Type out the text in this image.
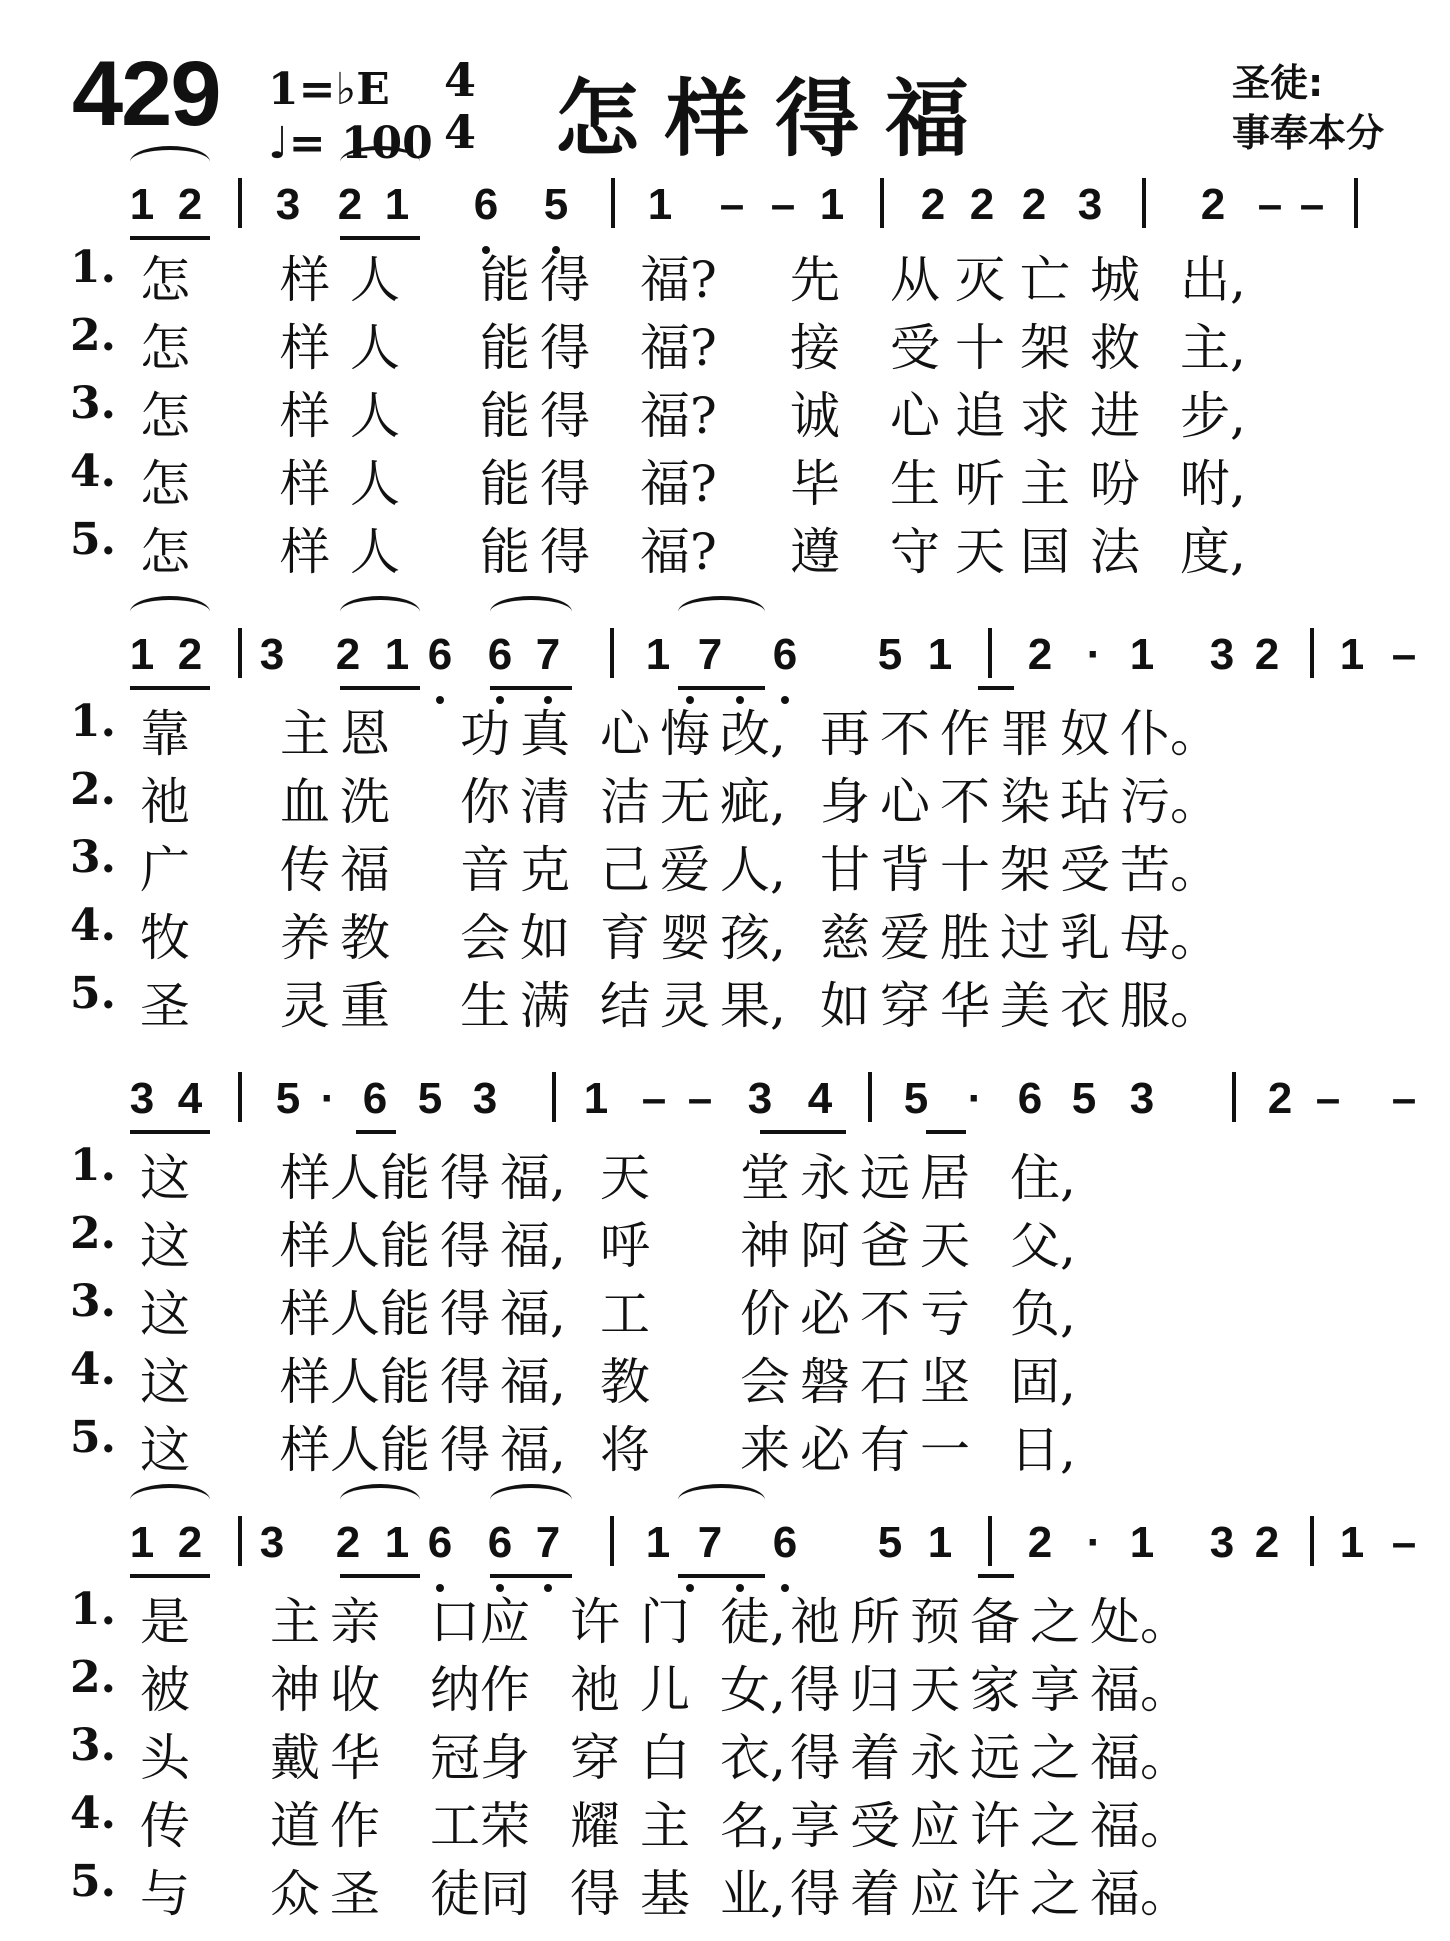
429 1=♭E
♩= 100
4
4 怎样得福	圣徒:
事奉本分
1 2 3 2 1 6 5 1 – – 1 2 2 2 3 2 – –
1. 怎 样 人 能 得 福? 先 从 灭 亡 城 出,
2. 怎 样 人 能 得 福? 接 受 十 架 救 主,
3. 怎 样 人 能 得 福? 诚 心 追 求 进 步,
4. 怎 样 人 能 得 福? 毕 生 听 主 吩 咐,
5. 怎 样 人 能 得 福? 遵 守 天 国 法 度,
1 2 3 2 1 6 6 7 1 7 6 5 1 2 · 1 3 2 1 –
1. 靠 主 恩 功 真 心 悔 改, 再 不 作 罪 奴 仆。
2. 祂 血 洗 你 清 洁 无 疵, 身 心 不 染 玷 污。
3. 广 传 福 音 克 己 爱 人, 甘 背 十 架 受 苦。
4. 牧 养 教 会 如 育 婴 孩, 慈 爱 胜 过 乳 母。
5. 圣 灵 重 生 满 结 灵 果, 如 穿 华 美 衣 服。
3 4 5 · 6 5 3 1 – – 3 4 5 · 6 5 3	2 – –
1. 这 样 人 能 得 福, 天 堂 永 远 居 住,
2. 这 样 人 能 得 福, 呼 神 阿 爸 天 父,
3. 这 样 人 能 得 福, 工 价 必 不 亏 负,
4. 这 样 人 能 得 福, 教 会 磐 石 坚 固,
5. 这 样 人 能 得 福, 将 来 必 有 一 日,
1 2 3 2 1 6 6 7 1 7 6 5 1 2 · 1 3 2 1 –
1. 是 主 亲 口 应 许 门 徒, 祂 所 预 备 之 处。
2. 被 神 收 纳 作 祂 儿 女, 得 归 天 家 享 福。
3. 头 戴 华 冠 身 穿 白 衣, 得 着 永 远 之 福。
4. 传 道 作 工 荣 耀 主 名, 享 受 应 许 之 福。
5. 与 众 圣 徒 同 得 基 业, 得 着 应 许 之 福。
